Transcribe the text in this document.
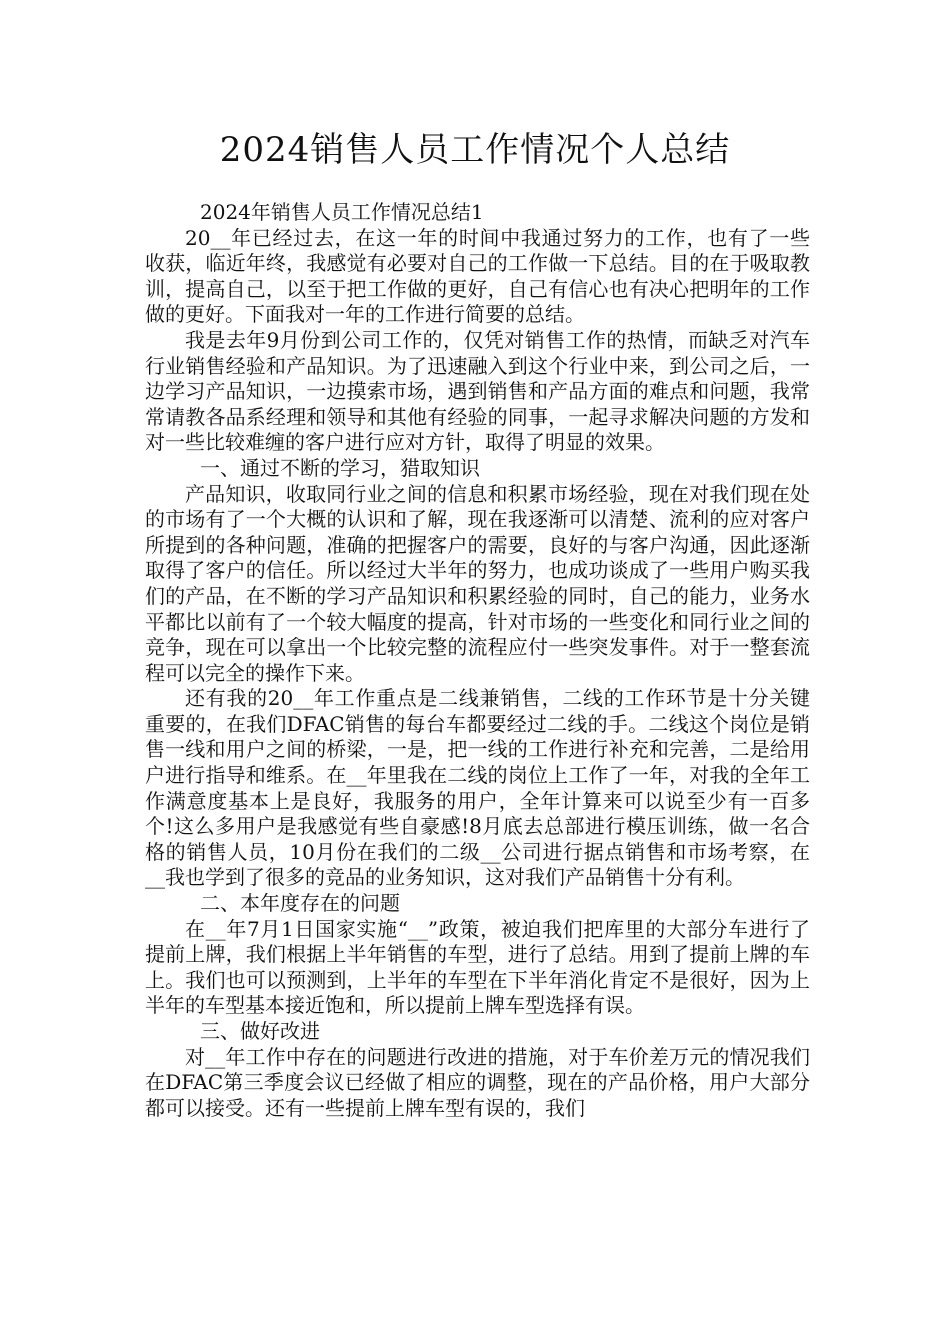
2024销售人员工作情况个人总结

2024年销售人员工作情况总结1

20__年已经过去，在这一年的时间中我通过努力的工作，也有了一些收获，临近年终，我感觉有必要对自己的工作做一下总结。目的在于吸取教训，提高自己，以至于把工作做的更好，自己有信心也有决心把明年的工作做的更好。下面我对一年的工作进行简要的总结。

我是去年9月份到公司工作的，仅凭对销售工作的热情，而缺乏对汽车行业销售经验和产品知识。为了迅速融入到这个行业中来，到公司之后，一边学习产品知识，一边摸索市场，遇到销售和产品方面的难点和问题，我常常请教各品系经理和领导和其他有经验的同事，一起寻求解决问题的方发和对一些比较难缠的客户进行应对方针，取得了明显的效果。

一、通过不断的学习，猎取知识

产品知识，收取同行业之间的信息和积累市场经验，现在对我们现在处的市场有了一个大概的认识和了解，现在我逐渐可以清楚、流利的应对客户所提到的各种问题，准确的把握客户的需要，良好的与客户沟通，因此逐渐取得了客户的信任。所以经过大半年的努力，也成功谈成了一些用户购买我们的产品，在不断的学习产品知识和积累经验的同时，自己的能力，业务水平都比以前有了一个较大幅度的提高，针对市场的一些变化和同行业之间的竞争，现在可以拿出一个比较完整的流程应付一些突发事件。对于一整套流程可以完全的操作下来。

还有我的20__年工作重点是二线兼销售，二线的工作环节是十分关键重要的，在我们DFAC销售的每台车都要经过二线的手。二线这个岗位是销售一线和用户之间的桥梁，一是，把一线的工作进行补充和完善，二是给用户进行指导和维系。在__年里我在二线的岗位上工作了一年，对我的全年工作满意度基本上是良好，我服务的用户，全年计算来可以说至少有一百多个!这么多用户是我感觉有些自豪感!8月底去总部进行模压训练，做一名合格的销售人员，10月份在我们的二级__公司进行据点销售和市场考察，在__我也学到了很多的竞品的业务知识，这对我们产品销售十分有利。

二、本年度存在的问题

在__年7月1日国家实施“__”政策，被迫我们把库里的大部分车进行了提前上牌，我们根据上半年销售的车型，进行了总结。用到了提前上牌的车上。我们也可以预测到，上半年的车型在下半年消化肯定不是很好，因为上半年的车型基本接近饱和，所以提前上牌车型选择有误。

三、做好改进

对__年工作中存在的问题进行改进的措施，对于车价差万元的情况我们在DFAC第三季度会议已经做了相应的调整，现在的产品价格，用户大部分都可以接受。还有一些提前上牌车型有误的，我们
